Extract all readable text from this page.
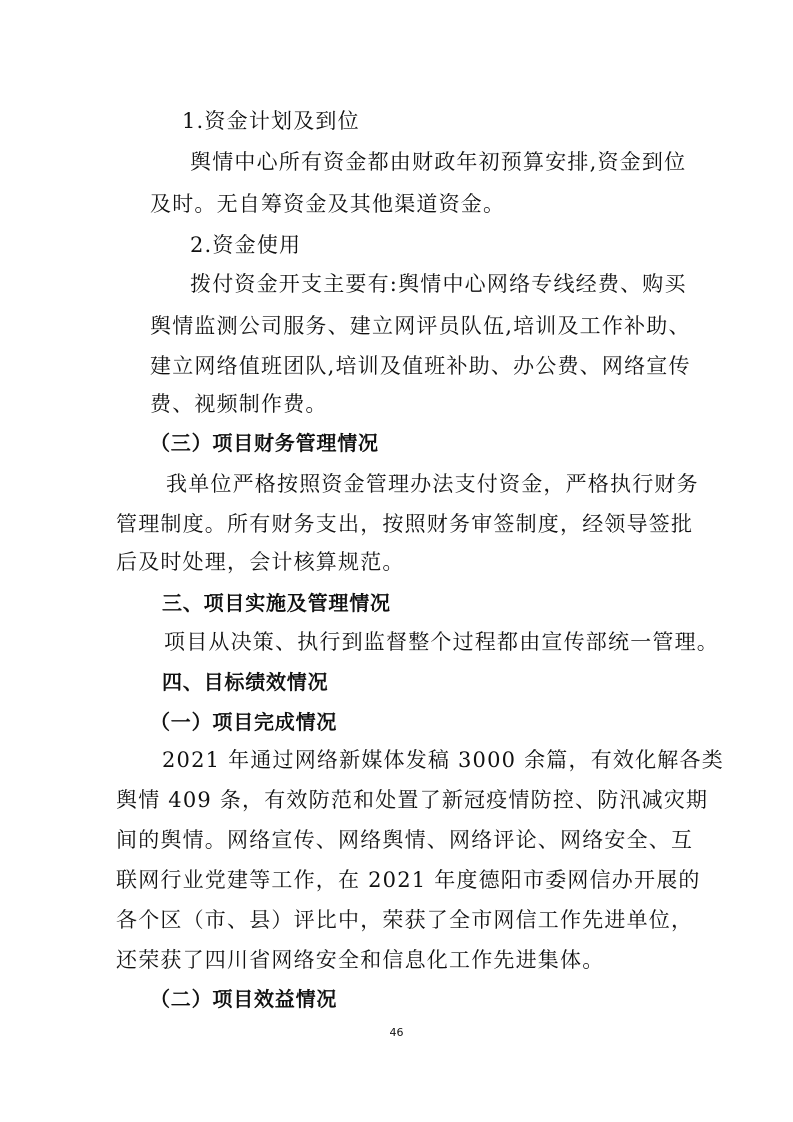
1.资金计划及到位
舆情中心所有资金都由财政年初预算安排,资金到位
及时。无自筹资金及其他渠道资金。
2.资金使用
拨付资金开支主要有:舆情中心网络专线经费、购买
舆情监测公司服务、建立网评员队伍,培训及工作补助、
建立网络值班团队,培训及值班补助、办公费、网络宣传
费、视频制作费。
（三）项目财务管理情况
我单位严格按照资金管理办法支付资金，严格执行财务
管理制度。所有财务支出，按照财务审签制度，经领导签批
后及时处理，会计核算规范。
三、项目实施及管理情况
项目从决策、执行到监督整个过程都由宣传部统一管理。
四、目标绩效情况
（一）项目完成情况
2021 年通过网络新媒体发稿 3000 余篇，有效化解各类
舆情 409 条，有效防范和处置了新冠疫情防控、防汛减灾期
间的舆情。网络宣传、网络舆情、网络评论、网络安全、互
联网行业党建等工作，在 2021 年度德阳市委网信办开展的
各个区（市、县）评比中，荣获了全市网信工作先进单位，
还荣获了四川省网络安全和信息化工作先进集体。
（二）项目效益情况
46
